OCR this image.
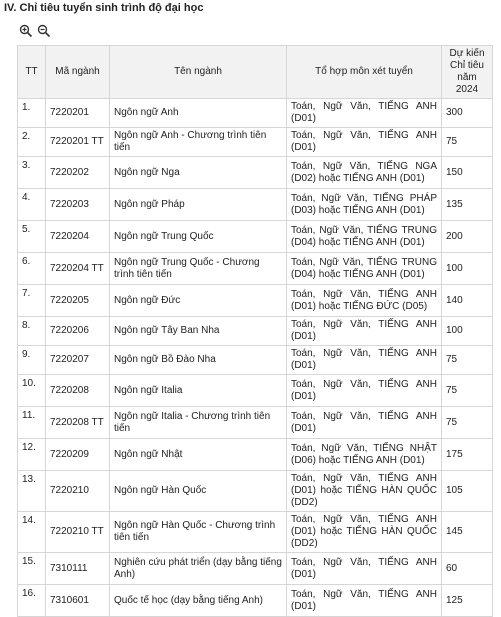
IV. Chỉ tiêu tuyển sinh trình độ đại học
TT	Mã ngành	Tên ngành	Tổ hợp môn xét tuyển	Dự kiến Chỉ tiêu năm 2024
1.	7220201	Ngôn ngữ Anh	Toán, Ngữ Văn, TIẾNG ANH (D01)	300
2.	7220201 TT	Ngôn ngữ Anh - Chương trình tiên tiến	Toán, Ngữ Văn, TIẾNG ANH (D01)	75
3.	7220202	Ngôn ngữ Nga	Toán, Ngữ Văn, TIẾNG NGA (D02) hoặc TIẾNG ANH (D01)	150
4.	7220203	Ngôn ngữ Pháp	Toán, Ngữ Văn, TIẾNG PHÁP (D03) hoặc TIẾNG ANH (D01)	135
5.	7220204	Ngôn ngữ Trung Quốc	Toán, Ngữ Văn, TIẾNG TRUNG (D04) hoặc TIẾNG ANH (D01)	200
6.	7220204 TT	Ngôn ngữ Trung Quốc - Chương trình tiên tiến	Toán, Ngữ Văn, TIẾNG TRUNG (D04) hoặc TIẾNG ANH (D01)	100
7.	7220205	Ngôn ngữ Đức	Toán, Ngữ Văn, TIẾNG ANH (D01) hoặc TIẾNG ĐỨC (D05)	140
8.	7220206	Ngôn ngữ Tây Ban Nha	Toán, Ngữ Văn, TIẾNG ANH (D01)	100
9.	7220207	Ngôn ngữ Bồ Đào Nha	Toán, Ngữ Văn, TIẾNG ANH (D01)	75
10.	7220208	Ngôn ngữ Italia	Toán, Ngữ Văn, TIẾNG ANH (D01)	75
11.	7220208 TT	Ngôn ngữ Italia - Chương trình tiên tiến	Toán, Ngữ Văn, TIẾNG ANH (D01)	75
12.	7220209	Ngôn ngữ Nhật	Toán, Ngữ Văn, TIẾNG NHẬT (D06) hoặc TIẾNG ANH (D01)	175
13.	7220210	Ngôn ngữ Hàn Quốc	Toán, Ngữ Văn, TIẾNG ANH (D01) hoặc TIẾNG HÀN QUỐC (DD2)	105
14.	7220210 TT	Ngôn ngữ Hàn Quốc - Chương trình tiên tiến	Toán, Ngữ Văn, TIẾNG ANH (D01) hoặc TIẾNG HÀN QUỐC (DD2)	145
15.	7310111	Nghiên cứu phát triển (dạy bằng tiếng Anh)	Toán, Ngữ Văn, TIẾNG ANH (D01)	60
16.	7310601	Quốc tế học (dạy bằng tiếng Anh)	Toán, Ngữ Văn, TIẾNG ANH (D01)	125
